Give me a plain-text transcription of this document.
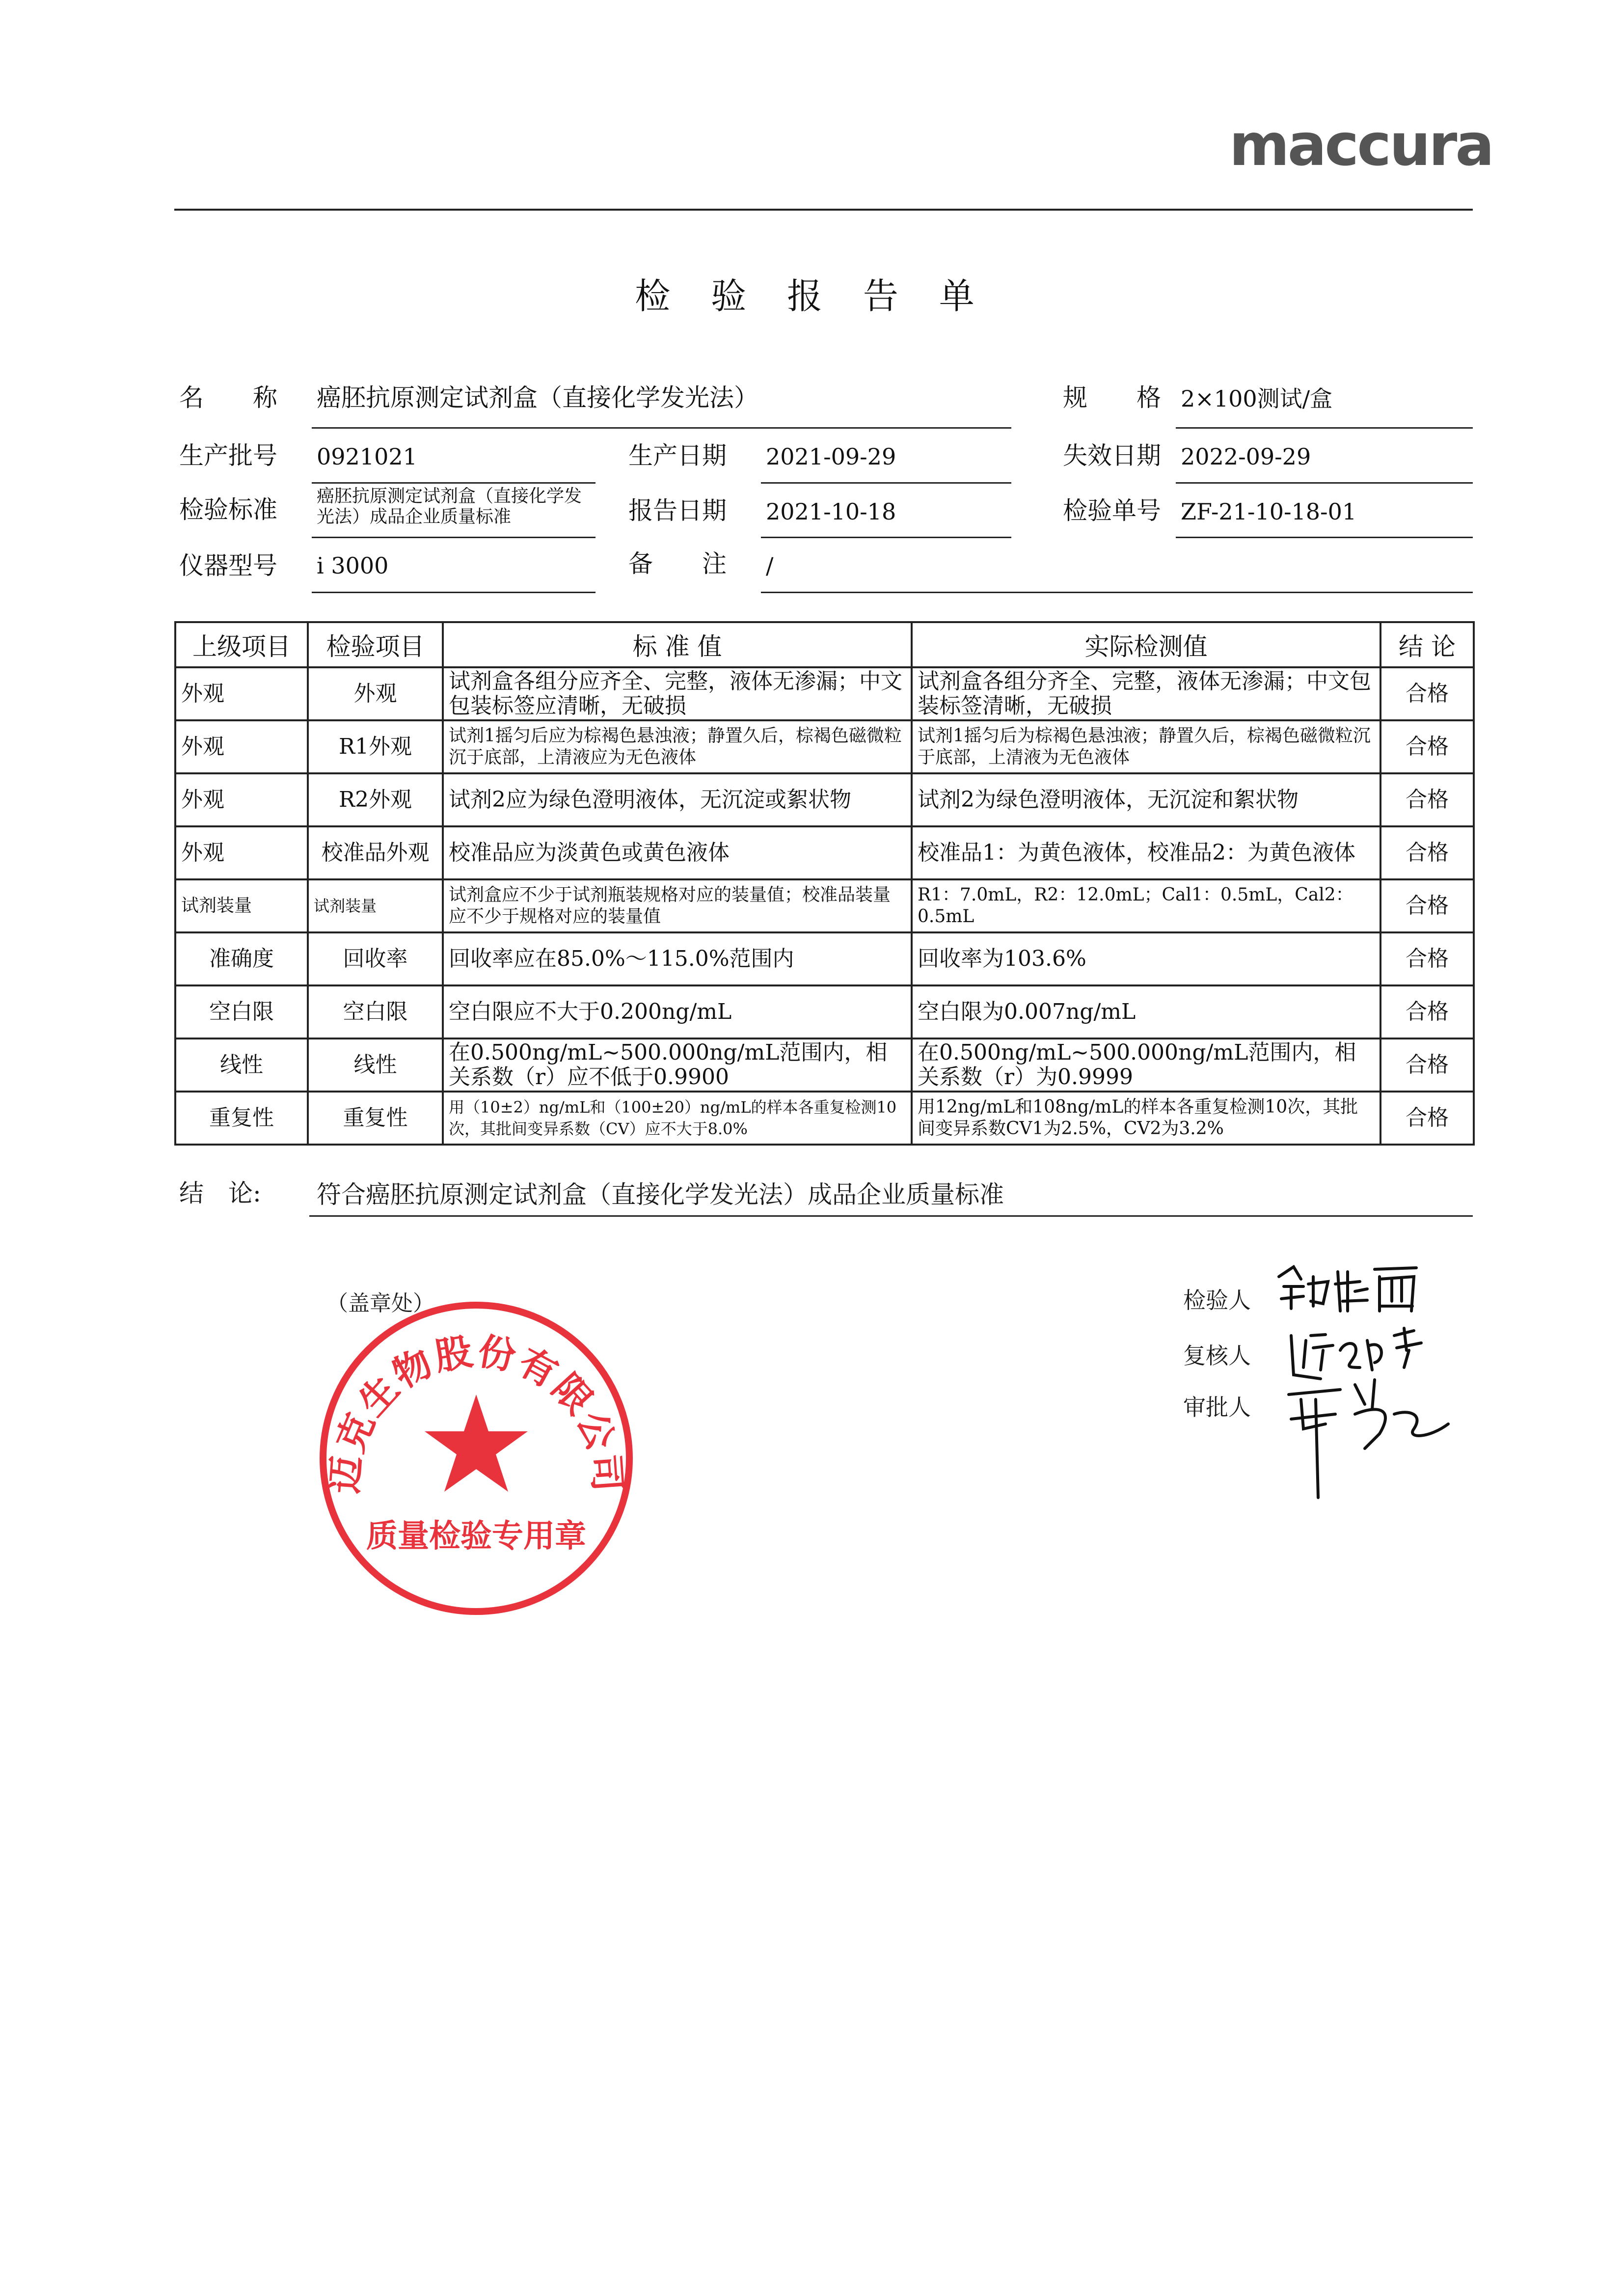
maccura
检 验 报 告 单
名　　称 癌胚抗原测定试剂盒（直接化学发光法）	规　　格 2×100测试/盒
生产批号 0921021	生产日期 2021-09-29	失效日期 2022-09-29
检验标准 癌胚抗原测定试剂盒（直接化学发光法）成品企业质量标准	报告日期 2021-10-18	检验单号 ZF-21-10-18-01
仪器型号 i 3000	备　　注 /
上级项目	检验项目	标 准 值	实际检测值	结 论
外观	外观	试剂盒各组分应齐全、完整，液体无渗漏；中文包装标签应清晰，无破损	试剂盒各组分齐全、完整，液体无渗漏；中文包装标签清晰，无破损	合格
外观	R1外观	试剂1摇匀后应为棕褐色悬浊液；静置久后，棕褐色磁微粒沉于底部，上清液应为无色液体	试剂1摇匀后为棕褐色悬浊液；静置久后，棕褐色磁微粒沉于底部，上清液为无色液体	合格
外观	R2外观	试剂2应为绿色澄明液体，无沉淀或絮状物	试剂2为绿色澄明液体，无沉淀和絮状物	合格
外观	校准品外观	校准品应为淡黄色或黄色液体	校准品1：为黄色液体，校准品2：为黄色液体	合格
试剂装量	试剂装量	试剂盒应不少于试剂瓶装规格对应的装量值；校准品装量应不少于规格对应的装量值	R1：7.0mL，R2：12.0mL；Cal1：0.5mL，Cal2：0.5mL	合格
准确度	回收率	回收率应在85.0%～115.0%范围内	回收率为103.6%	合格
空白限	空白限	空白限应不大于0.200ng/mL	空白限为0.007ng/mL	合格
线性	线性	在0.500ng/mL~500.000ng/mL范围内，相关系数（r）应不低于0.9900	在0.500ng/mL~500.000ng/mL范围内，相关系数（r）为0.9999	合格
重复性	重复性	用（10±2）ng/mL和（100±20）ng/mL的样本各重复检测10次，其批间变异系数（CV）应不大于8.0%	用12ng/mL和108ng/mL的样本各重复检测10次，其批间变异系数CV1为2.5%，CV2为3.2%	合格
结　论: 符合癌胚抗原测定试剂盒（直接化学发光法）成品企业质量标准
（盖章处）
迈克生物股份有限公司
质量检验专用章
检验人
复核人
审批人
